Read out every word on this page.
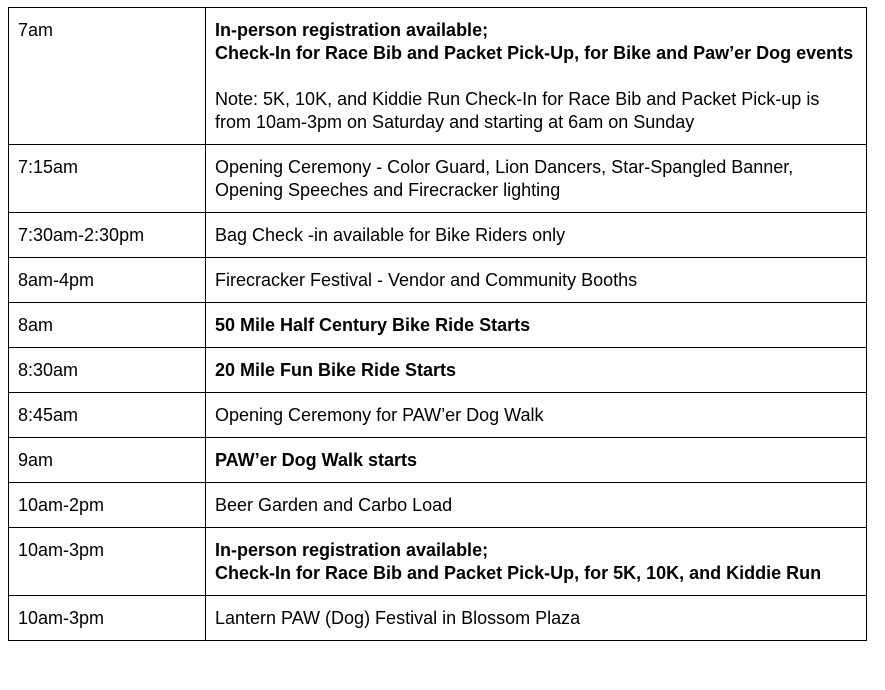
7am	In-person registration available;
Check-In for Race Bib and Packet Pick-Up, for Bike and Paw’er Dog events
Note: 5K, 10K, and Kiddie Run Check-In for Race Bib and Packet Pick-up is from 10am-3pm on Saturday and starting at 6am on Sunday

7:15am	Opening Ceremony - Color Guard, Lion Dancers, Star-Spangled Banner, Opening Speeches and Firecracker lighting
7:30am-2:30pm	Bag Check -in available for Bike Riders only
8am-4pm	Firecracker Festival - Vendor and Community Booths
8am	50 Mile Half Century Bike Ride Starts
8:30am	20 Mile Fun Bike Ride Starts
8:45am	Opening Ceremony for PAW’er Dog Walk
9am	PAW’er Dog Walk starts
10am-2pm	Beer Garden and Carbo Load
10am-3pm	In-person registration available;
Check-In for Race Bib and Packet Pick-Up, for 5K, 10K, and Kiddie Run

10am-3pm	Lantern PAW (Dog) Festival in Blossom Plaza
